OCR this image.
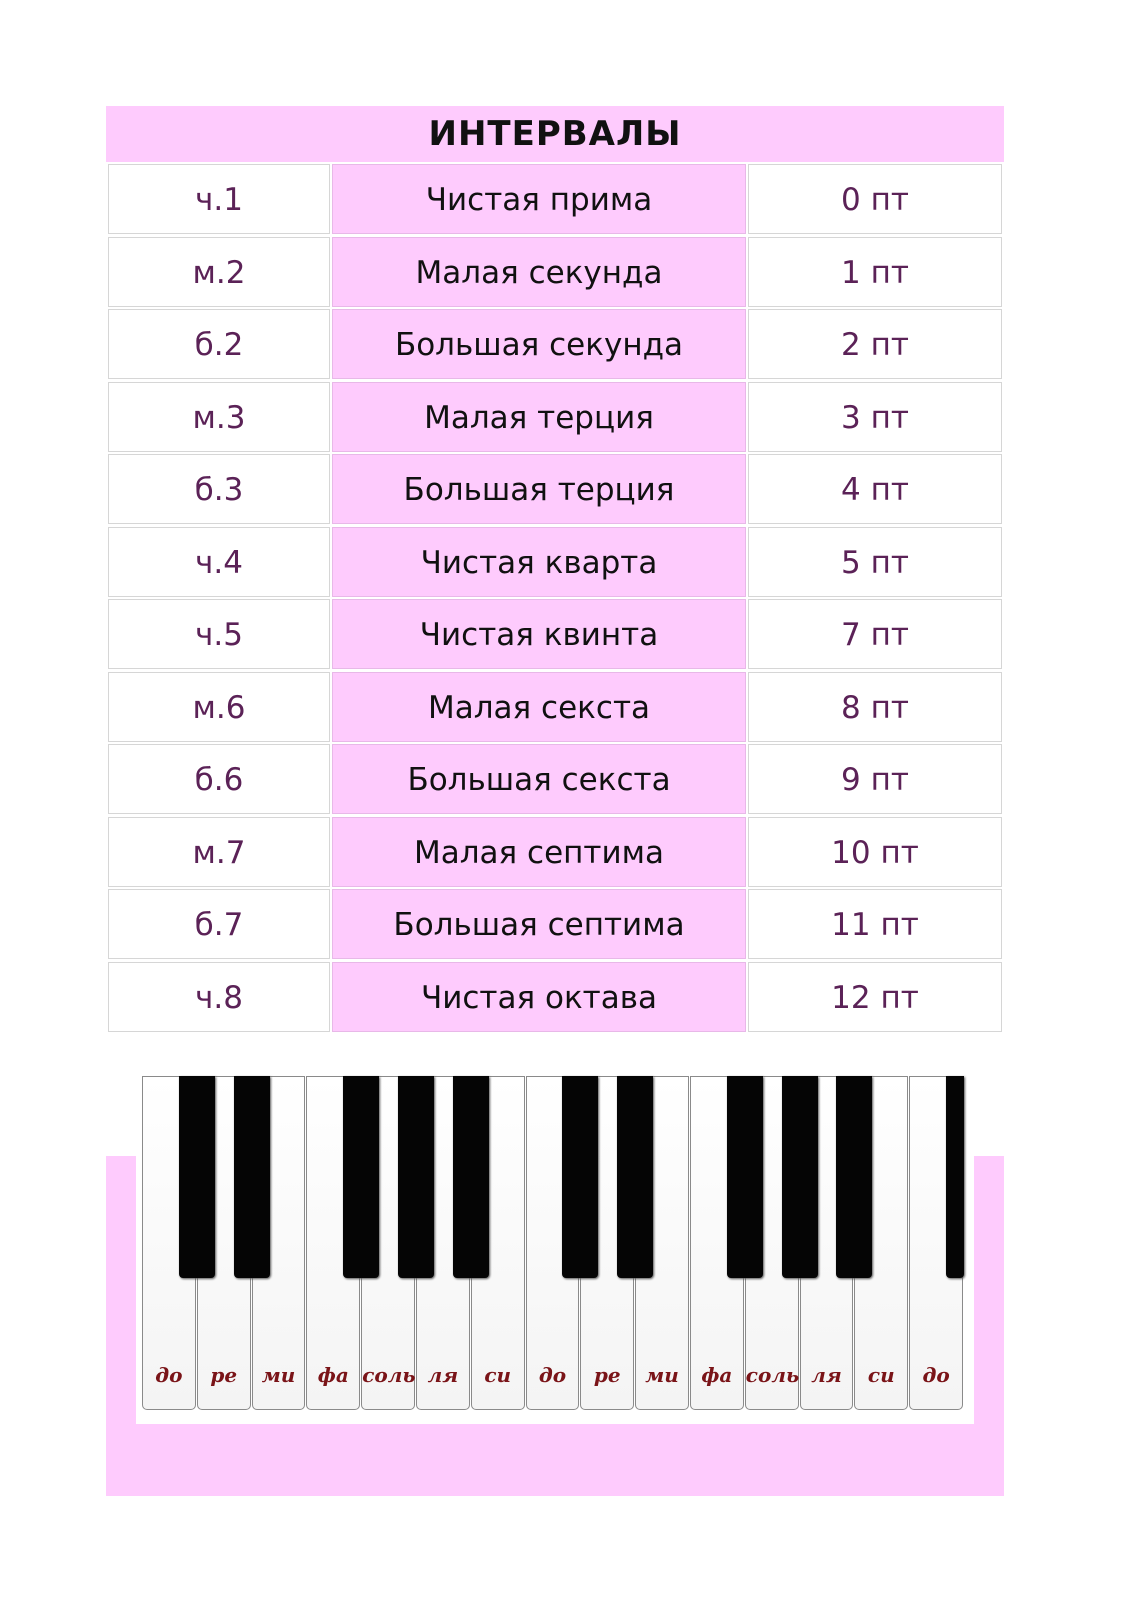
ИНТЕРВАЛЫ
ч.1	Чистая прима	0 пт
м.2	Малая секунда	1 пт
б.2	Большая секунда	2 пт
м.3	Малая терция	3 пт
б.3	Большая терция	4 пт
ч.4	Чистая кварта	5 пт
ч.5	Чистая квинта	7 пт
м.6	Малая секста	8 пт
б.6	Большая секста	9 пт
м.7	Малая септима	10 пт
б.7	Большая септима	11 пт
ч.8	Чистая октава	12 пт
до	ре	ми	фа соль ля	си	до	ре	ми	фа соль ля	си	до
